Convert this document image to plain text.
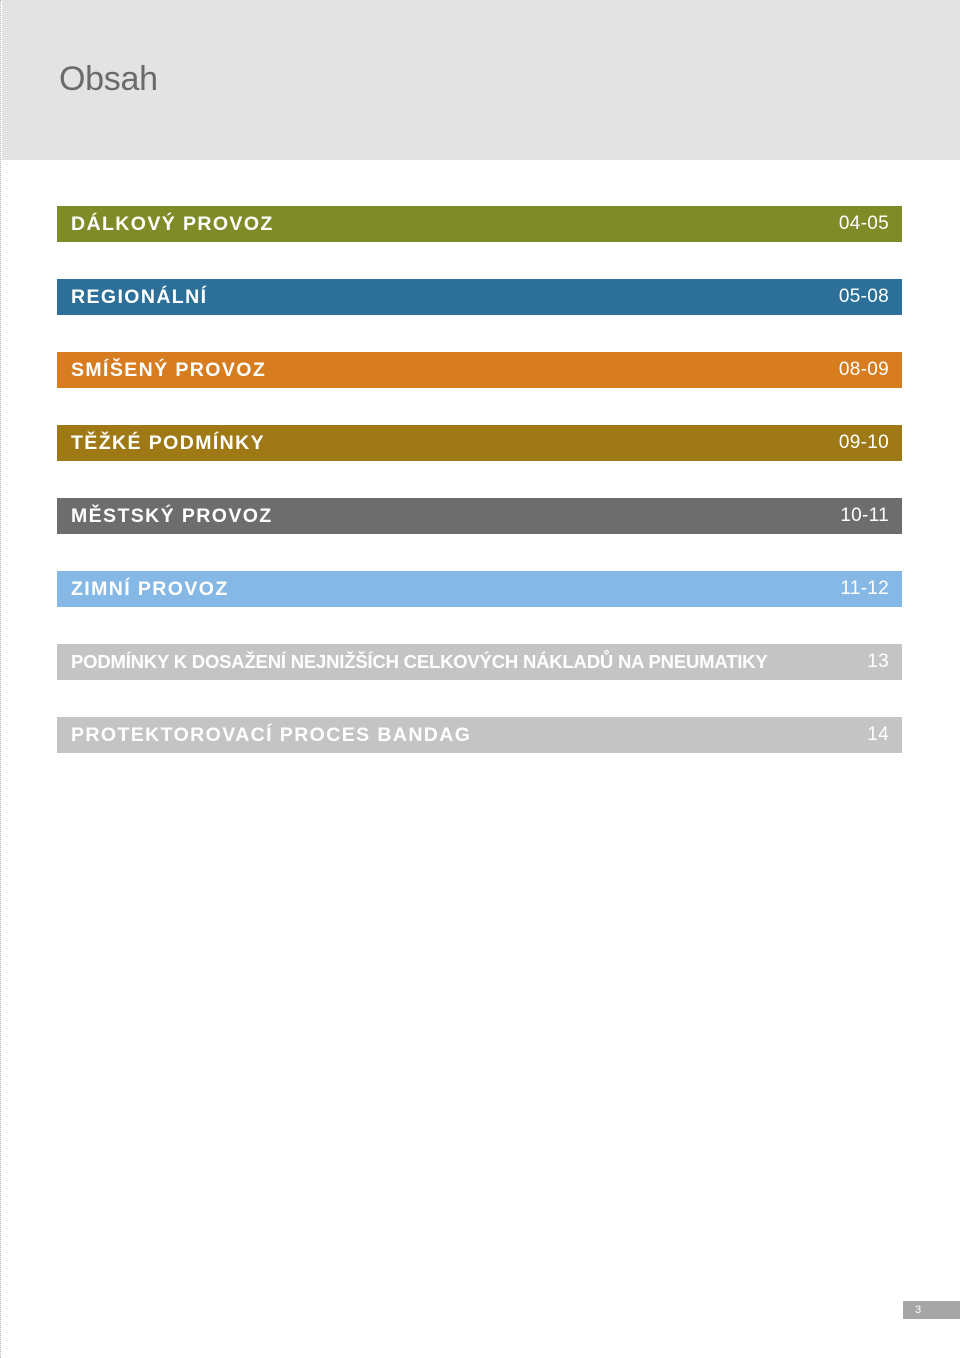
Obsah
DÁLKOVÝ PROVOZ	04-05
REGIONÁLNÍ	05-08
SMÍŠENÝ PROVOZ	08-09
TĚŽKÉ PODMÍNKY	09-10
MĚSTSKÝ PROVOZ	10-11
ZIMNÍ PROVOZ	11-12
PODMÍNKY K DOSAŽENÍ NEJNIŽŠÍCH CELKOVÝCH NÁKLADŮ NA PNEUMATIKY	13
PROTEKTOROVACÍ PROCES BANDAG	14
3
